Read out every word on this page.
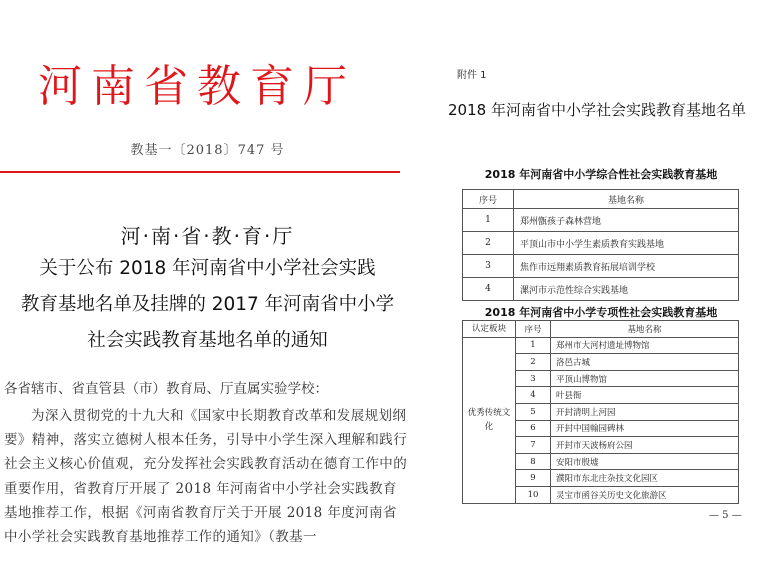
河南省教育厅
教基一〔2018〕747 号
河·南·省·教·育·厅
关于公布 2018 年河南省中小学社会实践
教育基地名单及挂牌的 2017 年河南省中小学
社会实践教育基地名单的通知
各省辖市、省直管县（市）教育局、厅直属实验学校：
为深入贯彻党的十九大和《国家中长期教育改革和发展规划纲要》精神，落实立德树人根本任务，引导中小学生深入理解和践行社会主义核心价值观，充分发挥社会实践教育活动在德育工作中的重要作用，省教育厅开展了 2018 年河南省中小学社会实践教育基地推荐工作，根据《河南省教育厅关于开展 2018 年度河南省中小学社会实践教育基地推荐工作的通知》（教基一
附件 1
2018 年河南省中小学社会实践教育基地名单
2018 年河南省中小学综合性社会实践教育基地
序号	基地名称
1	郑州甑孩子森林营地
2	平顶山市中小学生素质教育实践基地
3	焦作市远翔素质教育拓展培训学校
4	漯河市示范性综合实践基地
2018 年河南省中小学专项性社会实践教育基地
认定板块	序号	基地名称
优秀传统文化	1	郑州市大河村遗址博物馆
	2	洛邑古城
	3	平顶山博物馆
	4	叶县衙
	5	开封清明上河园
	6	开封中国翰园碑林
	7	开封市天波杨府公园
	8	安阳市殷墟
	9	濮阳市东北庄杂技文化园区
	10	灵宝市函谷关历史文化旅游区
— 5 —
